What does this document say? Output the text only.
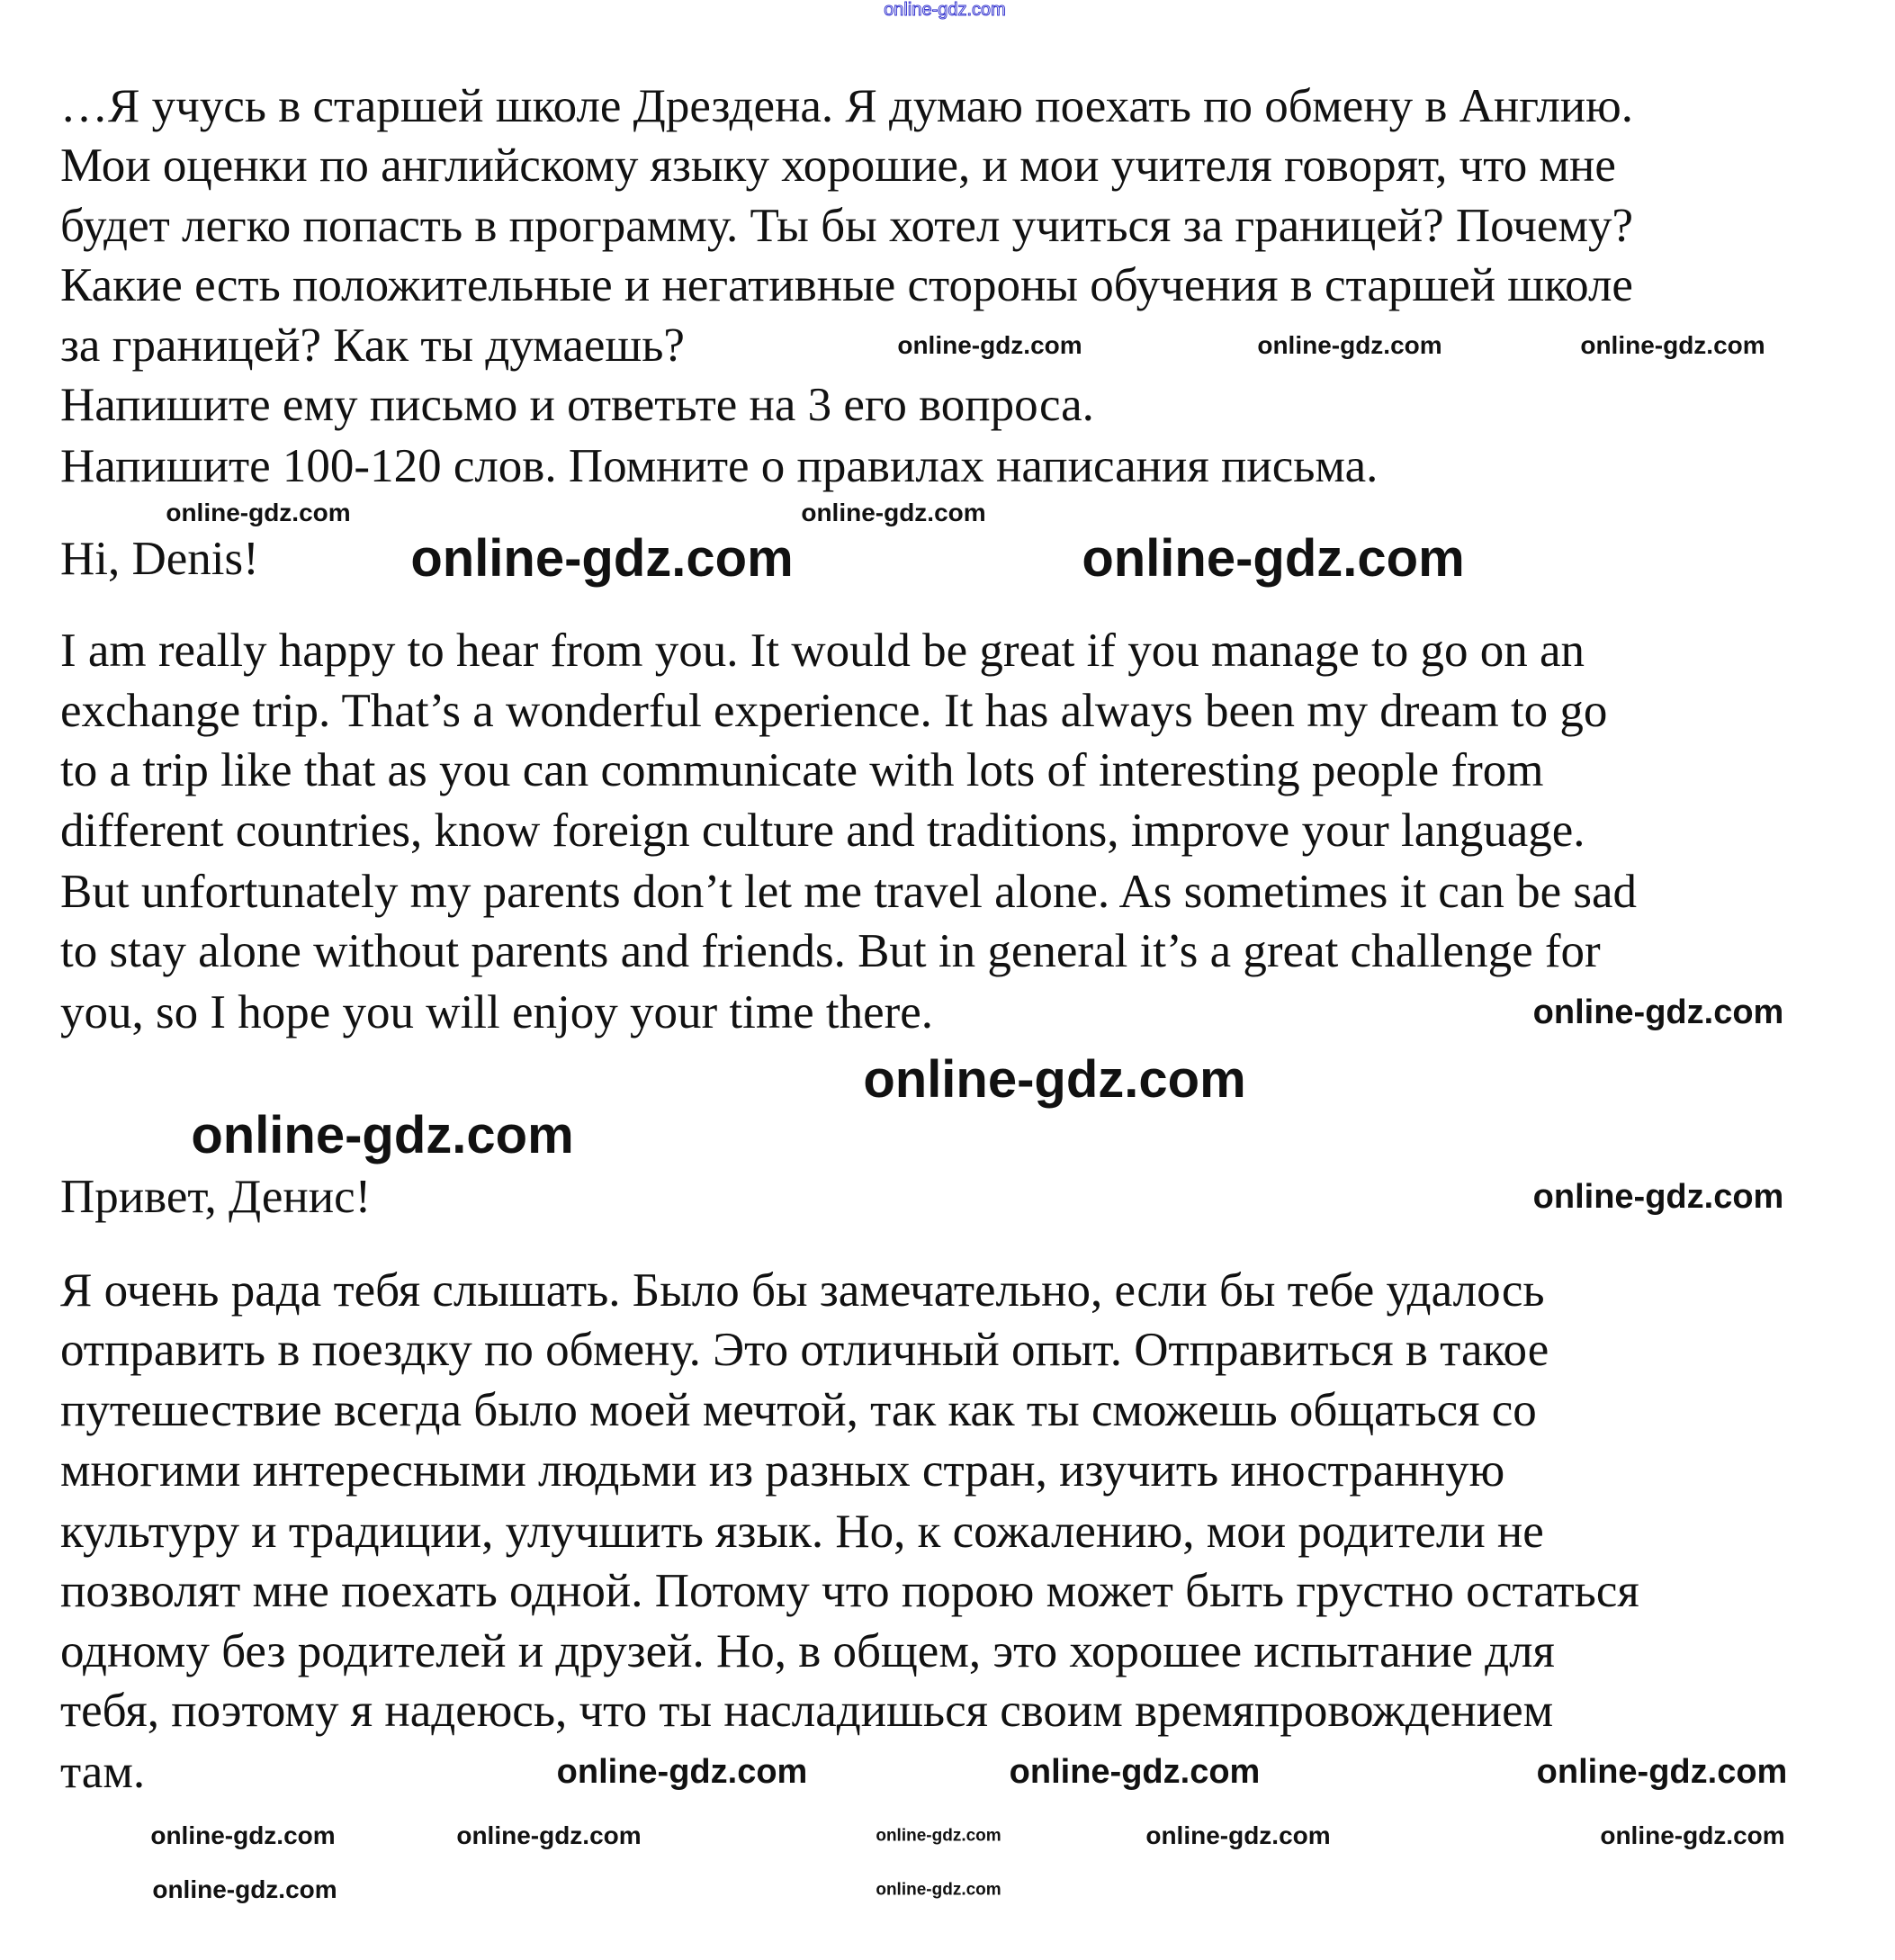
…Я учусь в старшей школе Дрездена. Я думаю поехать по обмену в Англию.
Мои оценки по английскому языку хорошие, и мои учителя говорят, что мне
будет легко попасть в программу. Ты бы хотел учиться за границей? Почему?
Какие есть положительные и негативные стороны обучения в старшей школе
за границей? Как ты думаешь?
Напишите ему письмо и ответьте на 3 его вопроса.
Напишите 100-120 слов. Помните о правилах написания письма.
Hi, Denis!
I am really happy to hear from you. It would be great if you manage to go on an
exchange trip. That’s a wonderful experience. It has always been my dream to go
to a trip like that as you can communicate with lots of interesting people from
different countries, know foreign culture and traditions, improve your language.
But unfortunately my parents don’t let me travel alone. As sometimes it can be sad
to stay alone without parents and friends. But in general it’s a great challenge for
you, so I hope you will enjoy your time there.
Привет, Денис!
Я очень рада тебя слышать. Было бы замечательно, если бы тебе удалось
отправить в поездку по обмену. Это отличный опыт. Отправиться в такое
путешествие всегда было моей мечтой, так как ты сможешь общаться со
многими интересными людьми из разных стран, изучить иностранную
культуру и традиции, улучшить язык. Но, к сожалению, мои родители не
позволят мне поехать одной. Потому что порою может быть грустно остаться
одному без родителей и друзей. Но, в общем, это хорошее испытание для
тебя, поэтому я надеюсь, что ты насладишься своим времяпровождением
там.
online-gdz.com
online-gdz.com	online-gdz.com	online-gdz.com
online-gdz.com	online-gdz.com
online-gdz.com	online-gdz.com
online-gdz.com
online-gdz.com
online-gdz.com
online-gdz.com
online-gdz.com	online-gdz.com
online-gdz.com	online-gdz.com
online-gdz.com
online-gdz.com
online-gdz.com
online-gdz.com	online-gdz.com	online-gdz.com
